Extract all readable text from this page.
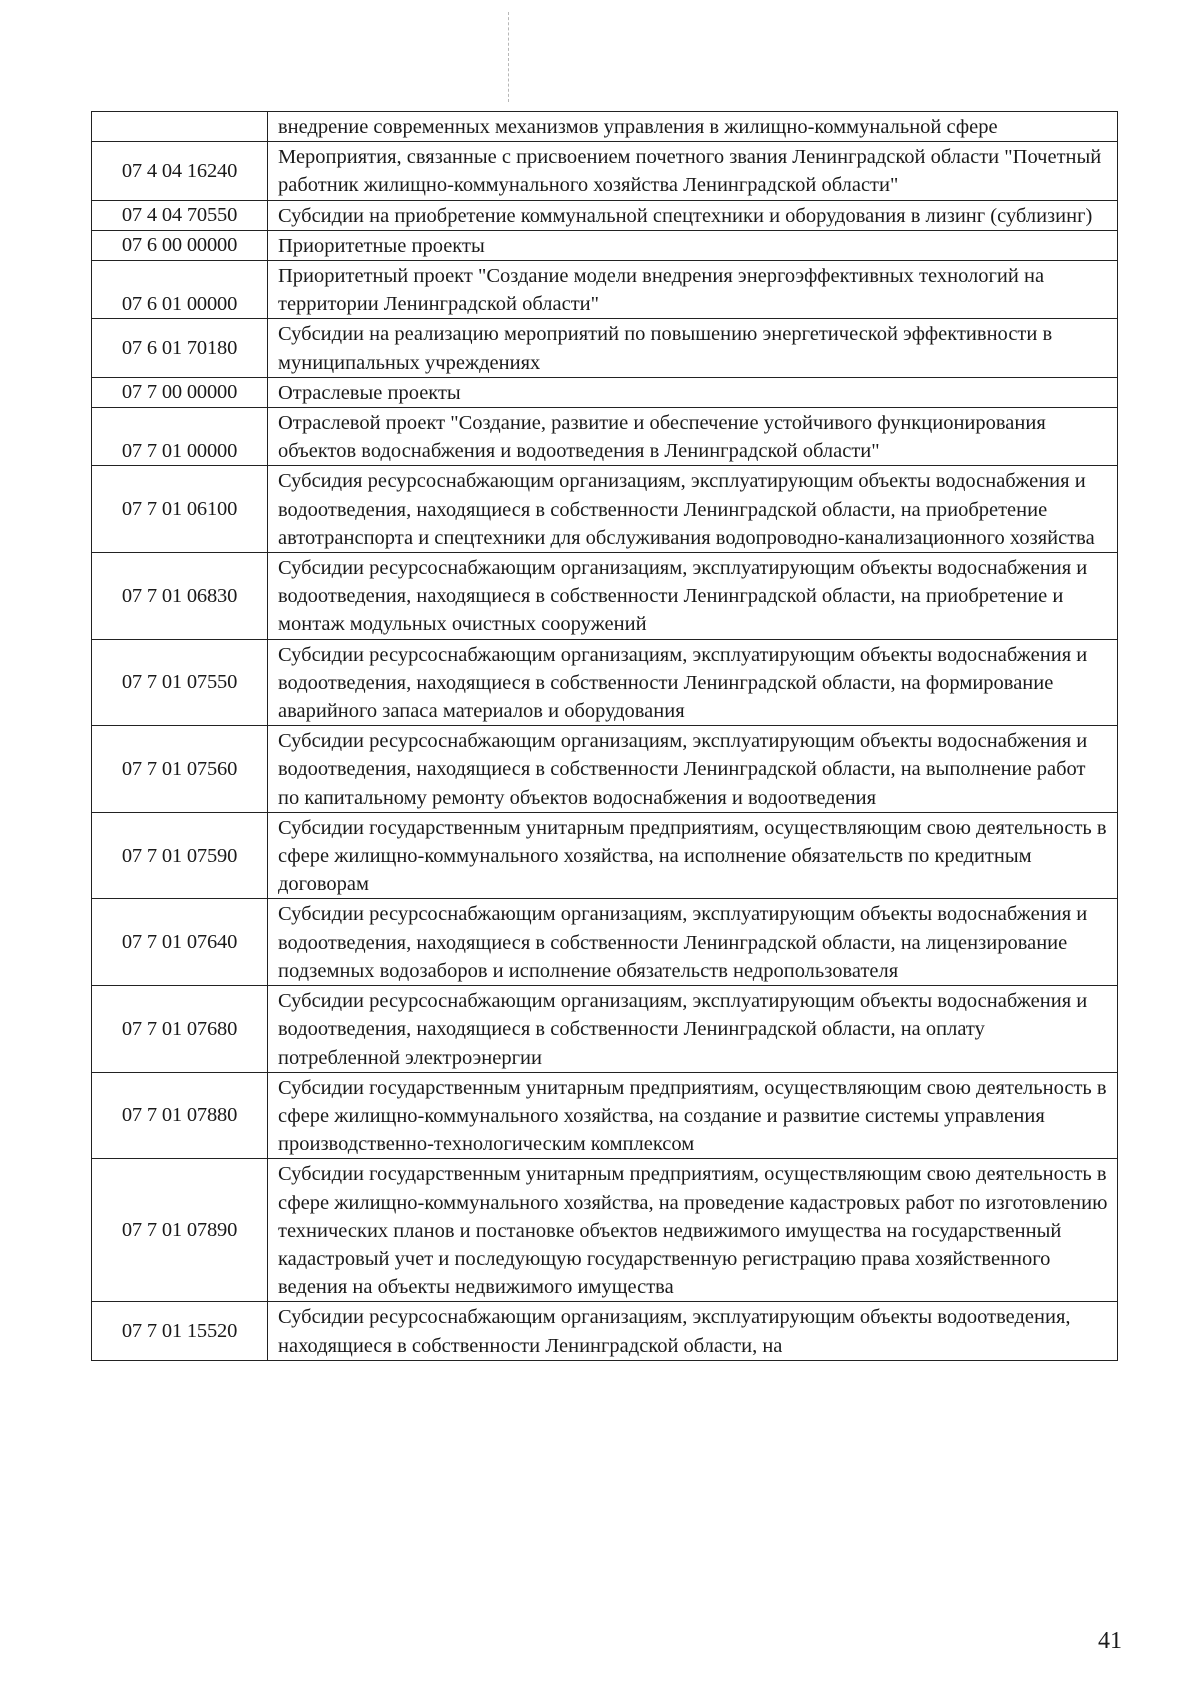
	внедрение современных механизмов управления в жилищно-коммунальной сфере
07 4 04 16240	Мероприятия, связанные с присвоением почетного звания Ленинградской области "Почетный работник жилищно-коммунального хозяйства Ленинградской области"
07 4 04 70550	Субсидии на приобретение коммунальной спецтехники и оборудования в лизинг (сублизинг)
07 6 00 00000	Приоритетные проекты
07 6 01 00000	Приоритетный проект "Создание модели внедрения энергоэффективных технологий на территории Ленинградской области"
07 6 01 70180	Субсидии на реализацию мероприятий по повышению энергетической эффективности в муниципальных учреждениях
07 7 00 00000	Отраслевые проекты
07 7 01 00000	Отраслевой проект "Создание, развитие и обеспечение устойчивого функционирования объектов водоснабжения и водоотведения в Ленинградской области"
07 7 01 06100	Субсидия ресурсоснабжающим организациям, эксплуатирующим объекты водоснабжения и водоотведения, находящиеся в собственности Ленинградской области, на приобретение автотранспорта и спецтехники для обслуживания водопроводно-канализационного хозяйства
07 7 01 06830	Субсидии ресурсоснабжающим организациям, эксплуатирующим объекты водоснабжения и водоотведения, находящиеся в собственности Ленинградской области, на приобретение и монтаж модульных очистных сооружений
07 7 01 07550	Субсидии ресурсоснабжающим организациям, эксплуатирующим объекты водоснабжения и водоотведения, находящиеся в собственности Ленинградской области, на формирование аварийного запаса материалов и оборудования
07 7 01 07560	Субсидии ресурсоснабжающим организациям, эксплуатирующим объекты водоснабжения и водоотведения, находящиеся в собственности Ленинградской области, на выполнение работ по капитальному ремонту объектов водоснабжения и водоотведения
07 7 01 07590	Субсидии государственным унитарным предприятиям, осуществляющим свою деятельность в сфере жилищно-коммунального хозяйства, на исполнение обязательств по кредитным договорам
07 7 01 07640	Субсидии ресурсоснабжающим организациям, эксплуатирующим объекты водоснабжения и водоотведения, находящиеся в собственности Ленинградской области, на лицензирование подземных водозаборов и исполнение обязательств недропользователя
07 7 01 07680	Субсидии ресурсоснабжающим организациям, эксплуатирующим объекты водоснабжения и водоотведения, находящиеся в собственности Ленинградской области, на оплату потребленной электроэнергии
07 7 01 07880	Субсидии государственным унитарным предприятиям, осуществляющим свою деятельность в сфере жилищно-коммунального хозяйства, на создание и развитие системы управления производственно-технологическим комплексом
07 7 01 07890	Субсидии государственным унитарным предприятиям, осуществляющим свою деятельность в сфере жилищно-коммунального хозяйства, на проведение кадастровых работ по изготовлению технических планов и постановке объектов недвижимого имущества на государственный кадастровый учет и последующую государственную регистрацию права хозяйственного ведения на объекты недвижимого имущества
07 7 01 15520	Субсидии ресурсоснабжающим организациям, эксплуатирующим объекты водоотведения, находящиеся в собственности Ленинградской области, на
41
